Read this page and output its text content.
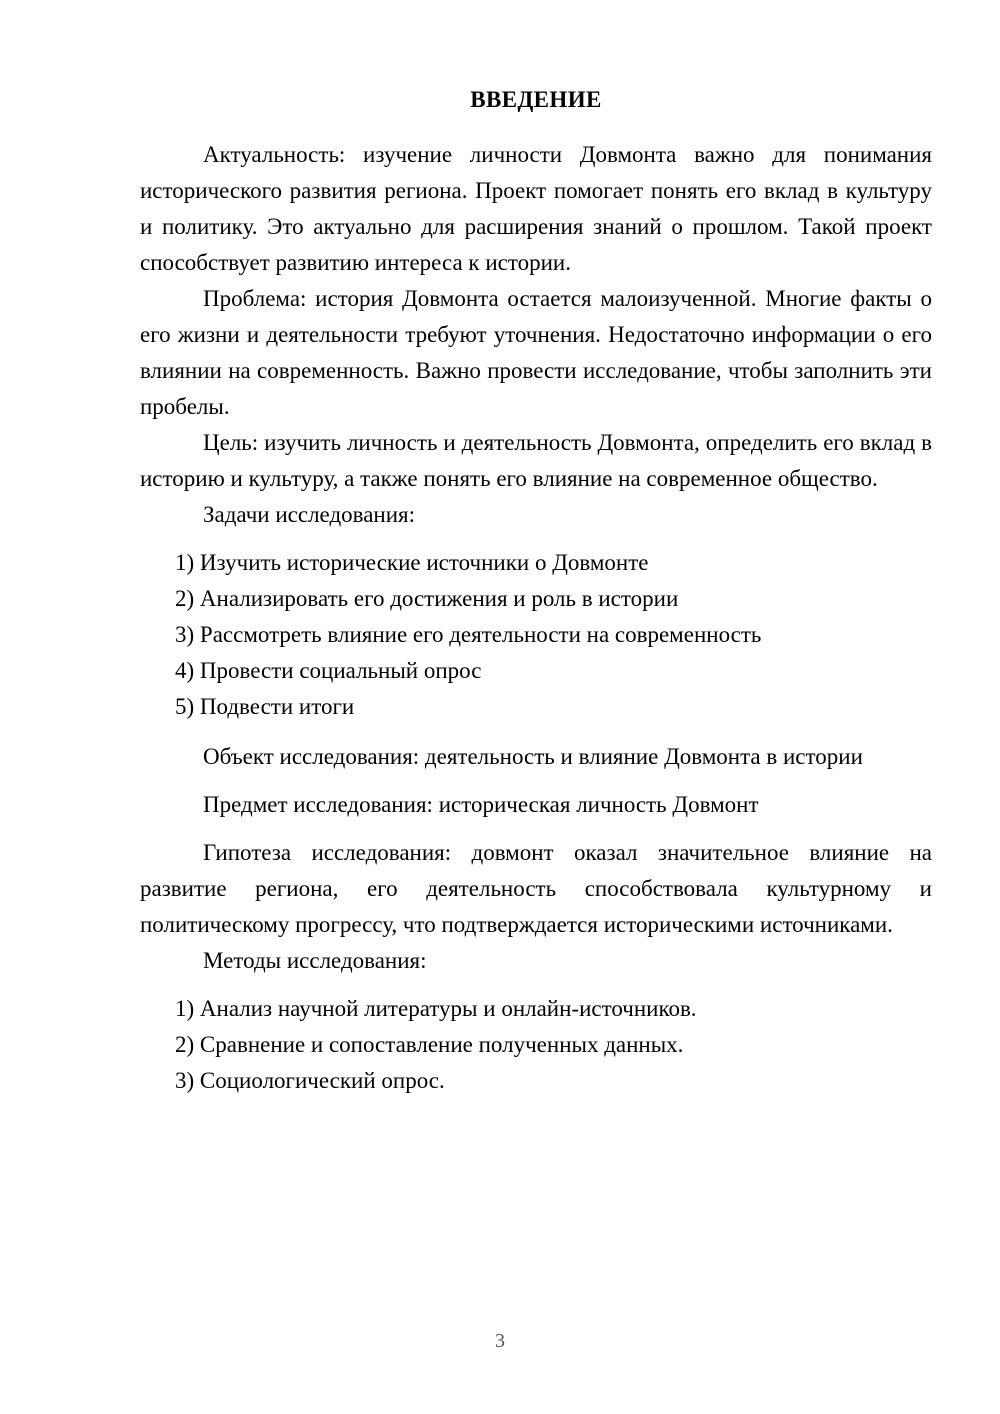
ВВЕДЕНИЕ

Актуальность: изучение личности Довмонта важно для понимания исторического развития региона. Проект помогает понять его вклад в культуру и политику. Это актуально для расширения знаний о прошлом. Такой проект способствует развитию интереса к истории.

Проблема: история Довмонта остается малоизученной. Многие факты о его жизни и деятельности требуют уточнения. Недостаточно информации о его влиянии на современность. Важно провести исследование, чтобы заполнить эти пробелы.

Цель: изучить личность и деятельность Довмонта, определить его вклад в историю и культуру, а также понять его влияние на современное общество.

Задачи исследования:

1) Изучить исторические источники о Довмонте
2) Анализировать его достижения и роль в истории
3) Рассмотреть влияние его деятельности на современность
4) Провести социальный опрос
5) Подвести итоги

Объект исследования: деятельность и влияние Довмонта в истории

Предмет исследования: историческая личность Довмонт

Гипотеза исследования: довмонт оказал значительное влияние на развитие региона, его деятельность способствовала культурному и политическому прогрессу, что подтверждается историческими источниками.

Методы исследования:

1) Анализ научной литературы и онлайн-источников.
2) Сравнение и сопоставление полученных данных.
3) Социологический опрос.
3
